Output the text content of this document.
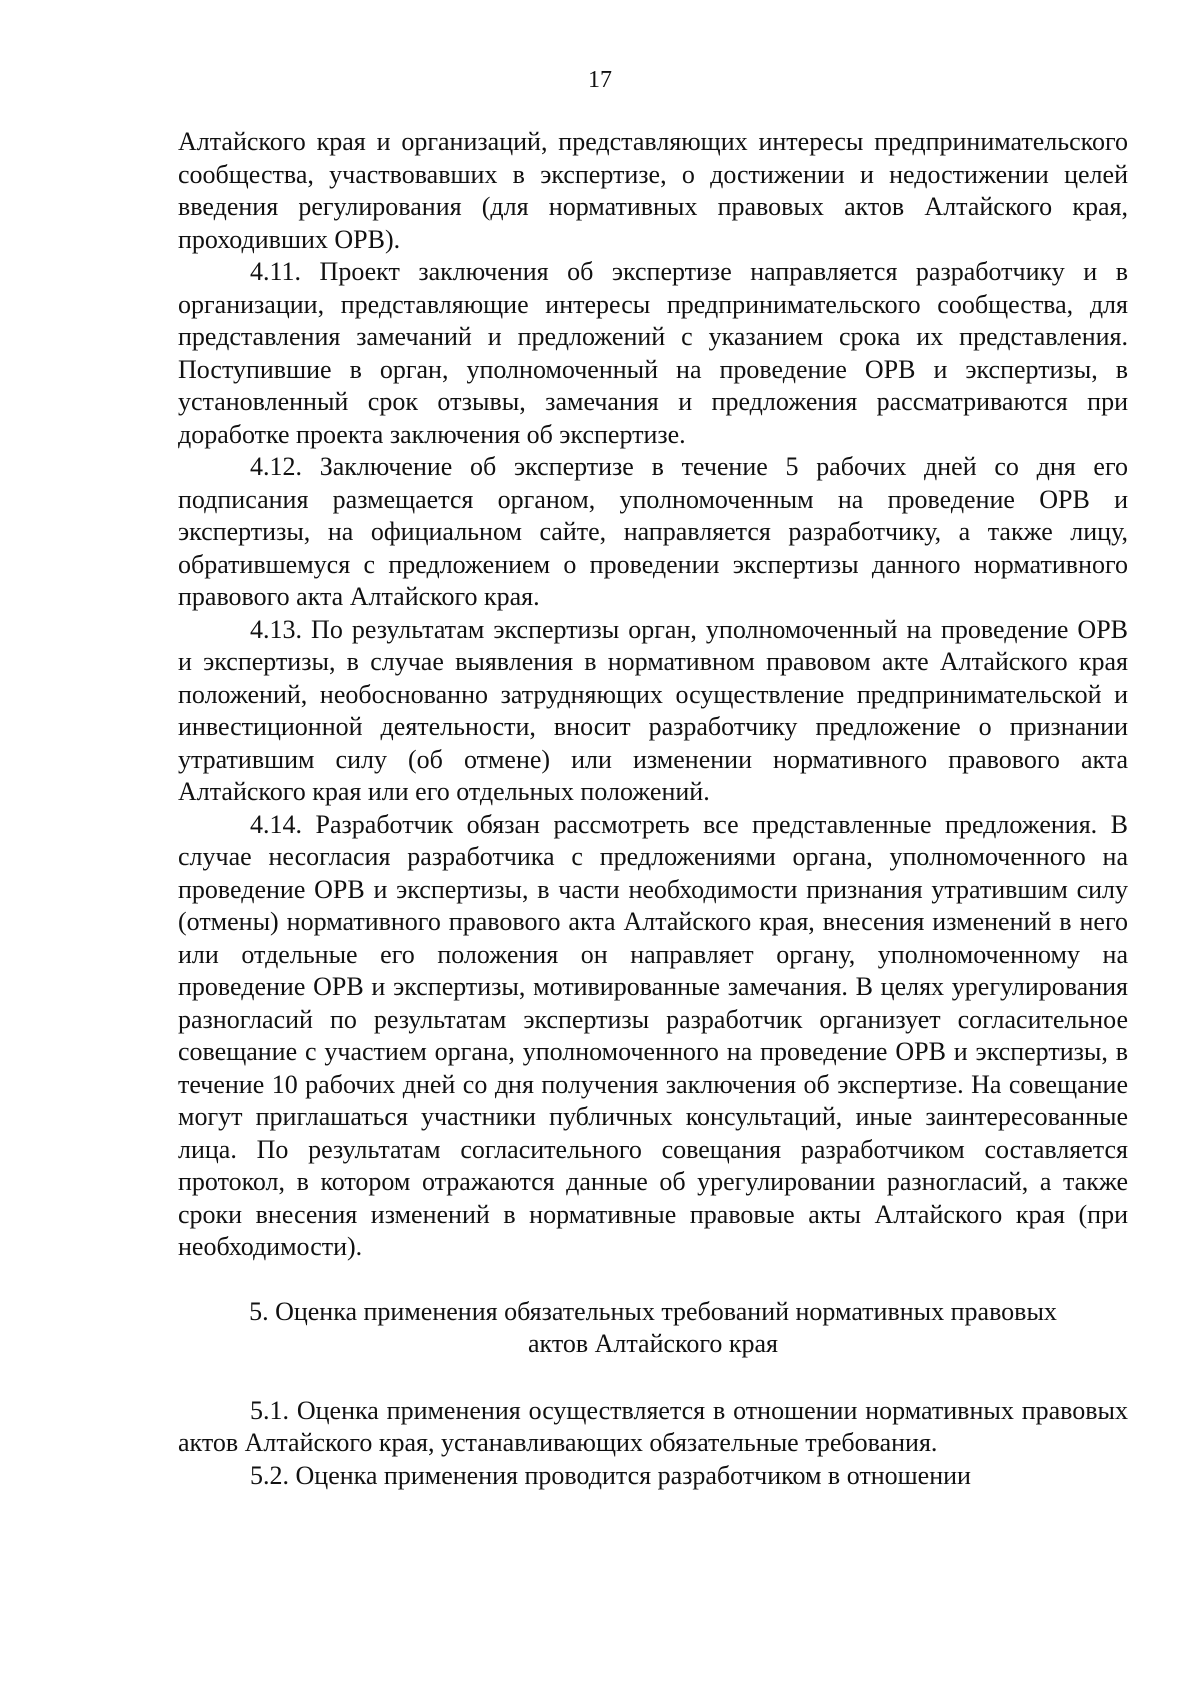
17

Алтайского края и организаций, представляющих интересы предпринимательского сообщества, участвовавших в экспертизе, о достижении и недостижении целей введения регулирования (для нормативных правовых актов Алтайского края, проходивших ОРВ).

4.11. Проект заключения об экспертизе направляется разработчику и в организации, представляющие интересы предпринимательского сообщества, для представления замечаний и предложений с указанием срока их представления. Поступившие в орган, уполномоченный на проведение ОРВ и экспертизы, в установленный срок отзывы, замечания и предложения рассматриваются при доработке проекта заключения об экспертизе.

4.12. Заключение об экспертизе в течение 5 рабочих дней со дня его подписания размещается органом, уполномоченным на проведение ОРВ и экспертизы, на официальном сайте, направляется разработчику, а также лицу, обратившемуся с предложением о проведении экспертизы данного нормативного правового акта Алтайского края.

4.13. По результатам экспертизы орган, уполномоченный на проведение ОРВ и экспертизы, в случае выявления в нормативном правовом акте Алтайского края положений, необоснованно затрудняющих осуществление предпринимательской и инвестиционной деятельности, вносит разработчику предложение о признании утратившим силу (об отмене) или изменении нормативного правового акта Алтайского края или его отдельных положений.

4.14. Разработчик обязан рассмотреть все представленные предложения. В случае несогласия разработчика с предложениями органа, уполномоченного на проведение ОРВ и экспертизы, в части необходимости признания утратившим силу (отмены) нормативного правового акта Алтайского края, внесения изменений в него или отдельные его положения он направляет органу, уполномоченному на проведение ОРВ и экспертизы, мотивированные замечания. В целях урегулирования разногласий по результатам экспертизы разработчик организует согласительное совещание с участием органа, уполномоченного на проведение ОРВ и экспертизы, в течение 10 рабочих дней со дня получения заключения об экспертизе. На совещание могут приглашаться участники публичных консультаций, иные заинтересованные лица. По результатам согласительного совещания разработчиком составляется протокол, в котором отражаются данные об урегулировании разногласий, а также сроки внесения изменений в нормативные правовые акты Алтайского края (при необходимости).

5. Оценка применения обязательных требований нормативных правовых
актов Алтайского края

5.1. Оценка применения осуществляется в отношении нормативных правовых актов Алтайского края, устанавливающих обязательные требования.

5.2. Оценка применения проводится разработчиком в отношении
